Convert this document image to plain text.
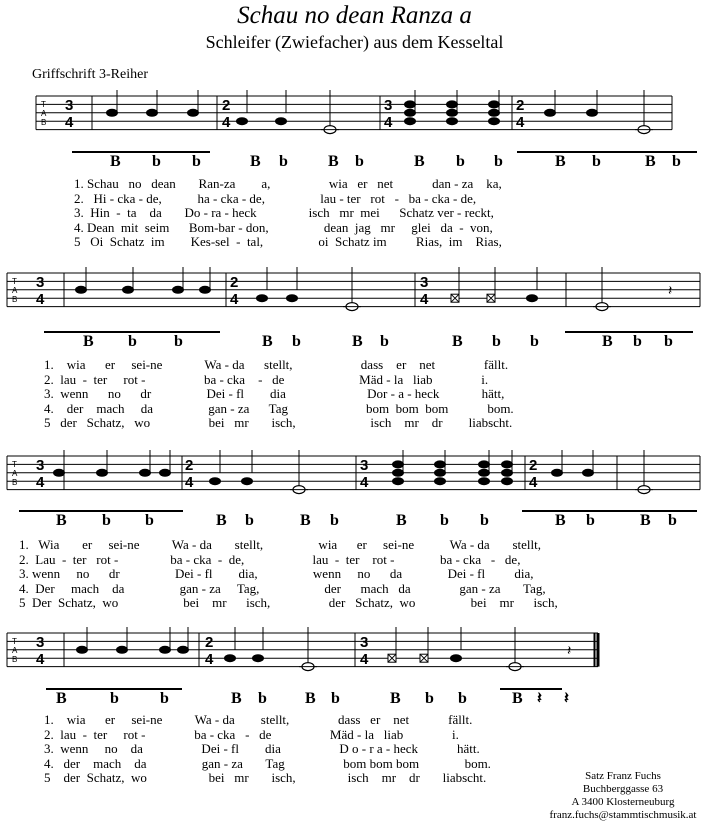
Schau no dean Ranza a
Schleifer (Zwiefacher) aus dem Kesseltal
Griffschrift 3-Reiher
T
A
B
3
4
2
4
3
4
2
4
T
A
B
3
4
2
4
3
4	𝄽
T
A
B
3
4
2
4
3
4
2
4
T
A
B
3
4
2
4
3
4	𝄽
B b b	B b	B b	B b b	B b	B b
1. Schau   no   dean       Ran-za        a,                  wia   er   net            dan - za    ka,
2.   Hi - cka - de,           ha - cka - de,                 lau - ter   rot   -   ba - cka - de,
3.  Hin  -  ta    da       Do - ra - heck                isch   mr  mei      Schatz ver - reckt,
4. Dean  mit  seim      Bom-bar - don,                 dean  jag   mr     glei   da  -  von,
5   Oi  Schatz  im        Kes-sel  -  tal,                 oi  Schatz im         Rias,  im    Rias,
B b b	B b	B b	B b b	B b b
1.    wia      er     sei-ne             Wa - da      stellt,                     dass    er    net               fällt.
2.  lau  -  ter     rot -                  ba - cka    -   de                       Mäd - la   liab               i.
3.  wenn      no      dr                 Dei - fl        dia                         Dor - a - heck             hätt,
4.    der    mach     da                 gan - za      Tag                        bom  bom  bom            bom.
5   der   Schatz,   wo                  bei   mr       isch,                       isch    mr    dr        liabscht.
B b b	B b	B b	B b b	B b	B b
1.   Wia       er     sei-ne          Wa - da       stellt,                 wia      er     sei-ne           Wa - da       stellt,
2.  Lau  -  ter   rot -                ba - cka  -  de,                     lau  -  ter    rot -              ba - cka   -   de,
3. wenn     no      dr                 Dei - fl        dia,                 wenn     no      da              Dei - fl         dia,
4.  Der     mach    da                 gan - za     Tag,                    der      mach   da               gan - za       Tag,
5  Der  Schatz,  wo                    bei    mr      isch,                  der   Schatz,  wo                 bei    mr      isch,
B	b	b	B b B b	B b b	B 𝄽 𝄽
1.    wia      er     sei-ne          Wa - da        stellt,               dass   er    net            fällt.
2.  lau  -  ter     rot -               ba - cka   -   de                  Mäd - la   liab               i.
3.  wenn     no    da                  Dei - fl        dia                  D o - r a - heck            hätt.
4.   der    mach    da                 gan - za       Tag                  bom bom bom              bom.
5    der  Schatz,  wo                   bei   mr       isch,                isch    mr    dr       liabscht.	Satz Franz Fuchs
Buchberggasse 63
A 3400 Klosterneuburg
franz.fuchs@stammtischmusik.at
